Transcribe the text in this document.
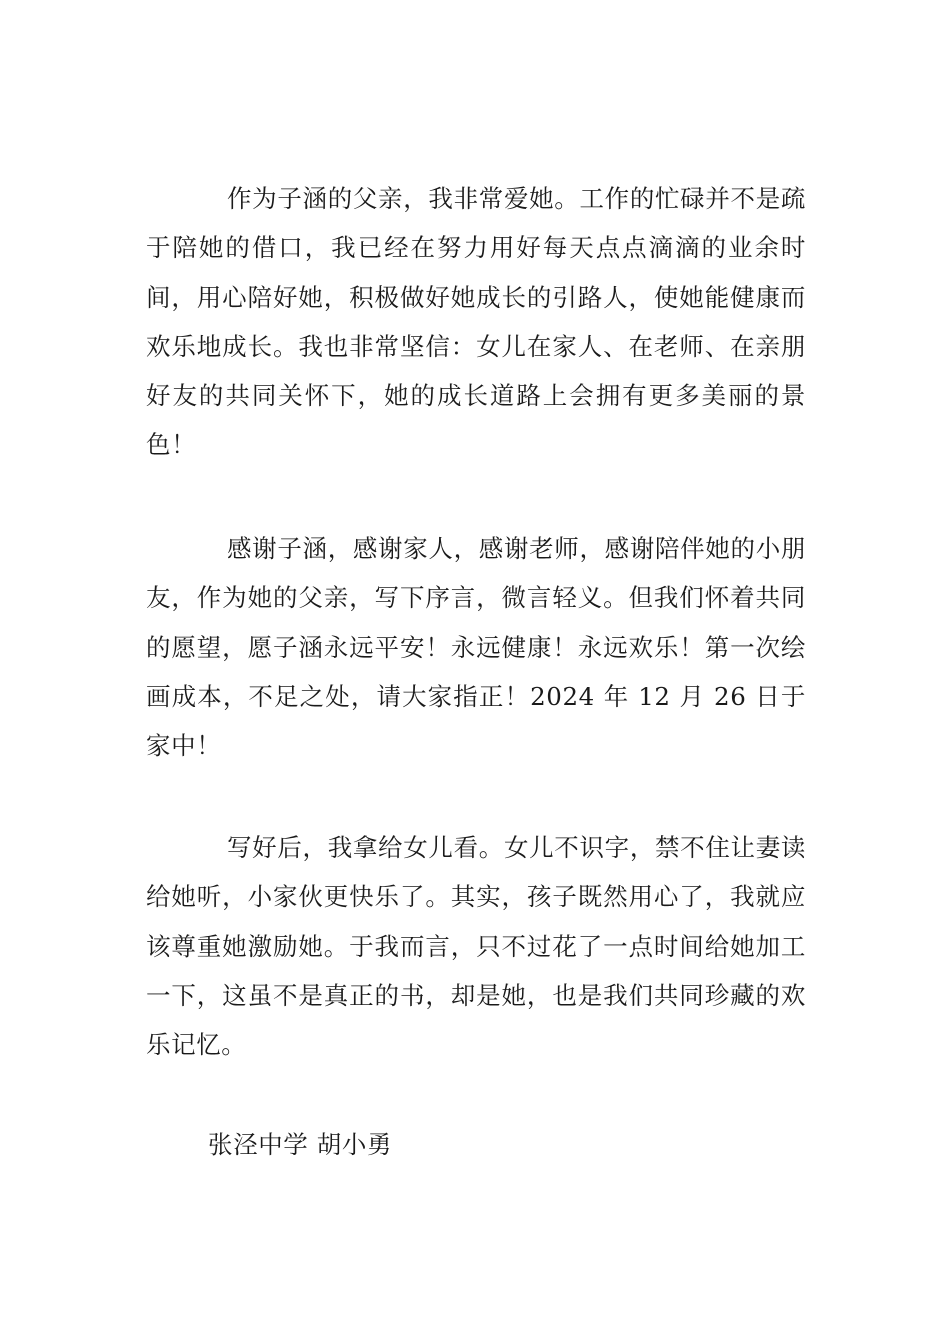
作为子涵的父亲，我非常爱她。工作的忙碌并不是疏于陪她的借口，我已经在努力用好每天点点滴滴的业余时间，用心陪好她，积极做好她成长的引路人，使她能健康而欢乐地成长。我也非常坚信：女儿在家人、在老师、在亲朋好友的共同关怀下，她的成长道路上会拥有更多美丽的景色！

感谢子涵，感谢家人，感谢老师，感谢陪伴她的小朋友，作为她的父亲，写下序言，微言轻义。但我们怀着共同的愿望，愿子涵永远平安！永远健康！永远欢乐！第一次绘画成本，不足之处，请大家指正！2024 年 12 月 26 日于家中！

写好后，我拿给女儿看。女儿不识字，禁不住让妻读给她听，小家伙更快乐了。其实，孩子既然用心了，我就应该尊重她激励她。于我而言，只不过花了一点时间给她加工一下，这虽不是真正的书，却是她，也是我们共同珍藏的欢乐记忆。

张泾中学 胡小勇
